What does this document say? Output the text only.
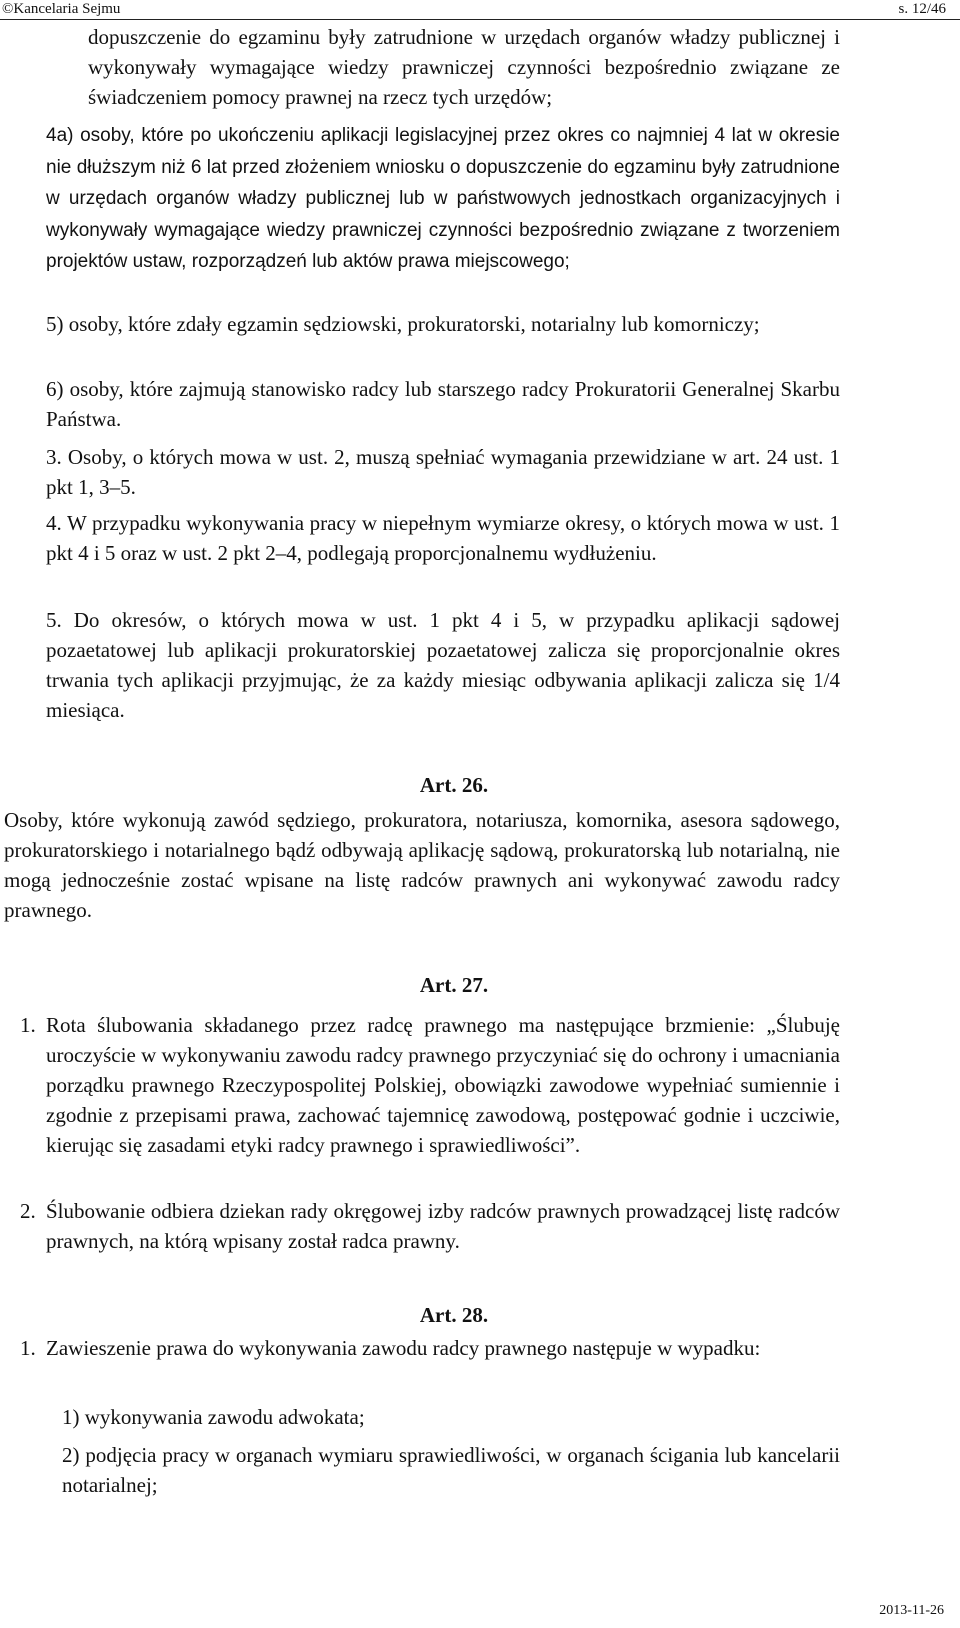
©Kancelaria Sejmu	s. 12/46
dopuszczenie do egzaminu były zatrudnione w urzędach organów władzy publicznej i wykonywały wymagające wiedzy prawniczej czynności bezpośrednio związane ze świadczeniem pomocy prawnej na rzecz tych urzędów;
4a) osoby, które po ukończeniu aplikacji legislacyjnej przez okres co najmniej 4 lat w okresie nie dłuższym niż 6 lat przed złożeniem wniosku o dopuszczenie do egzaminu były zatrudnione w urzędach organów władzy publicznej lub w państwowych jednostkach organizacyjnych i wykonywały wymagające wiedzy prawniczej czynności bezpośrednio związane z tworzeniem projektów ustaw, rozporządzeń lub aktów prawa miejscowego;
5) osoby, które zdały egzamin sędziowski, prokuratorski, notarialny lub komorniczy;
6) osoby, które zajmują stanowisko radcy lub starszego radcy Prokuratorii Generalnej Skarbu Państwa.
3. Osoby, o których mowa w ust. 2, muszą spełniać wymagania przewidziane w art. 24 ust. 1 pkt 1, 3–5.
4. W przypadku wykonywania pracy w niepełnym wymiarze okresy, o których mowa w ust. 1 pkt 4 i 5 oraz w ust. 2 pkt 2–4, podlegają proporcjonalnemu wydłużeniu.
5. Do okresów, o których mowa w ust. 1 pkt 4 i 5, w przypadku aplikacji sądowej pozaetatowej lub aplikacji prokuratorskiej pozaetatowej zalicza się proporcjonalnie okres trwania tych aplikacji przyjmując, że za każdy miesiąc odbywania aplikacji zalicza się 1/4 miesiąca.
Art. 26.
Osoby, które wykonują zawód sędziego, prokuratora, notariusza, komornika, asesora sądowego, prokuratorskiego i notarialnego bądź odbywają aplikację sądową, prokuratorską lub notarialną, nie mogą jednocześnie zostać wpisane na listę radców prawnych ani wykonywać zawodu radcy prawnego.
Art. 27.
1. Rota ślubowania składanego przez radcę prawnego ma następujące brzmienie: „Ślubuję uroczyście w wykonywaniu zawodu radcy prawnego przyczyniać się do ochrony i umacniania porządku prawnego Rzeczypospolitej Polskiej, obowiązki zawodowe wypełniać sumiennie i zgodnie z przepisami prawa, zachować tajemnicę zawodową, postępować godnie i uczciwie, kierując się zasadami etyki radcy prawnego i sprawiedliwości”.
2. Ślubowanie odbiera dziekan rady okręgowej izby radców prawnych prowadzącej listę radców prawnych, na którą wpisany został radca prawny.
Art. 28.
1. Zawieszenie prawa do wykonywania zawodu radcy prawnego następuje w wypadku:
1) wykonywania zawodu adwokata;
2) podjęcia pracy w organach wymiaru sprawiedliwości, w organach ścigania lub kancelarii notarialnej;
2013-11-26
